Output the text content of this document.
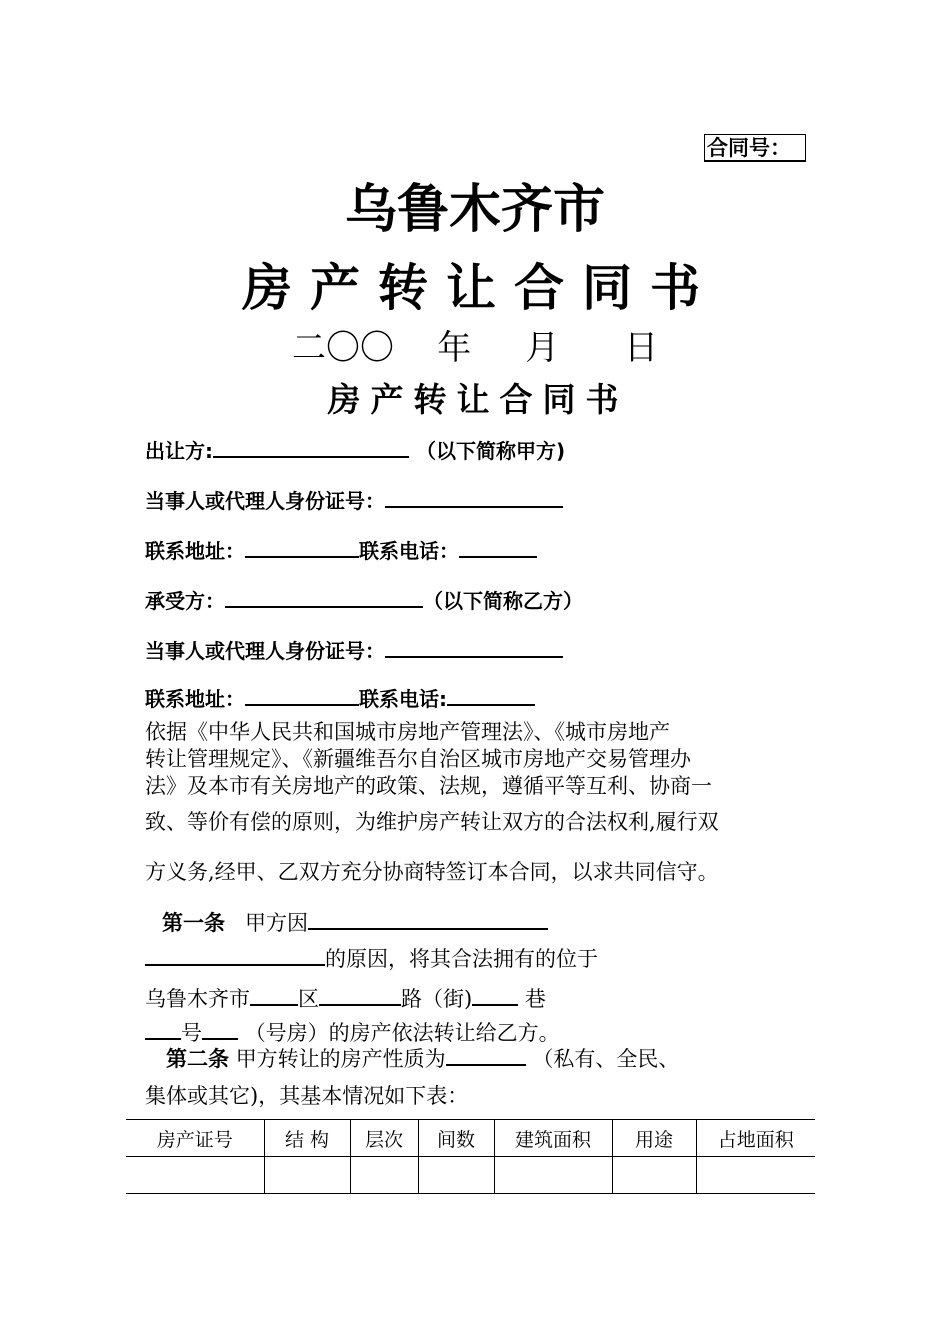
合同号：
乌鲁木齐市
房产转让合同书
二〇〇    年     月      日
房产转让合同书
出让方:	（以下简称甲方)
当事人或代理人身份证号：
联系地址：	联系电话：
承受方：	（以下简称乙方）
当事人或代理人身份证号：
联系地址：	联系电话:
依据《中华人民共和国城市房地产管理法》、《城市房地产
转让管理规定》、《新疆维吾尔自治区城市房地产交易管理办
法》及本市有关房地产的政策、法规，遵循平等互利、协商一
致、等价有偿的原则，为维护房产转让双方的合法权利,履行双
方义务,经甲、乙双方充分协商特签订本合同，以求共同信守。
第一条 甲方因
的原因，将其合法拥有的位于
乌鲁木齐市 区	路（街)	巷
号 （号房）的房产依法转让给乙方。
第二条 甲方转让的房产性质为	（私有、全民、
集体或其它)，其基本情况如下表：
房产证号	结 构	层次	间数	建筑面积	用途	占地面积
